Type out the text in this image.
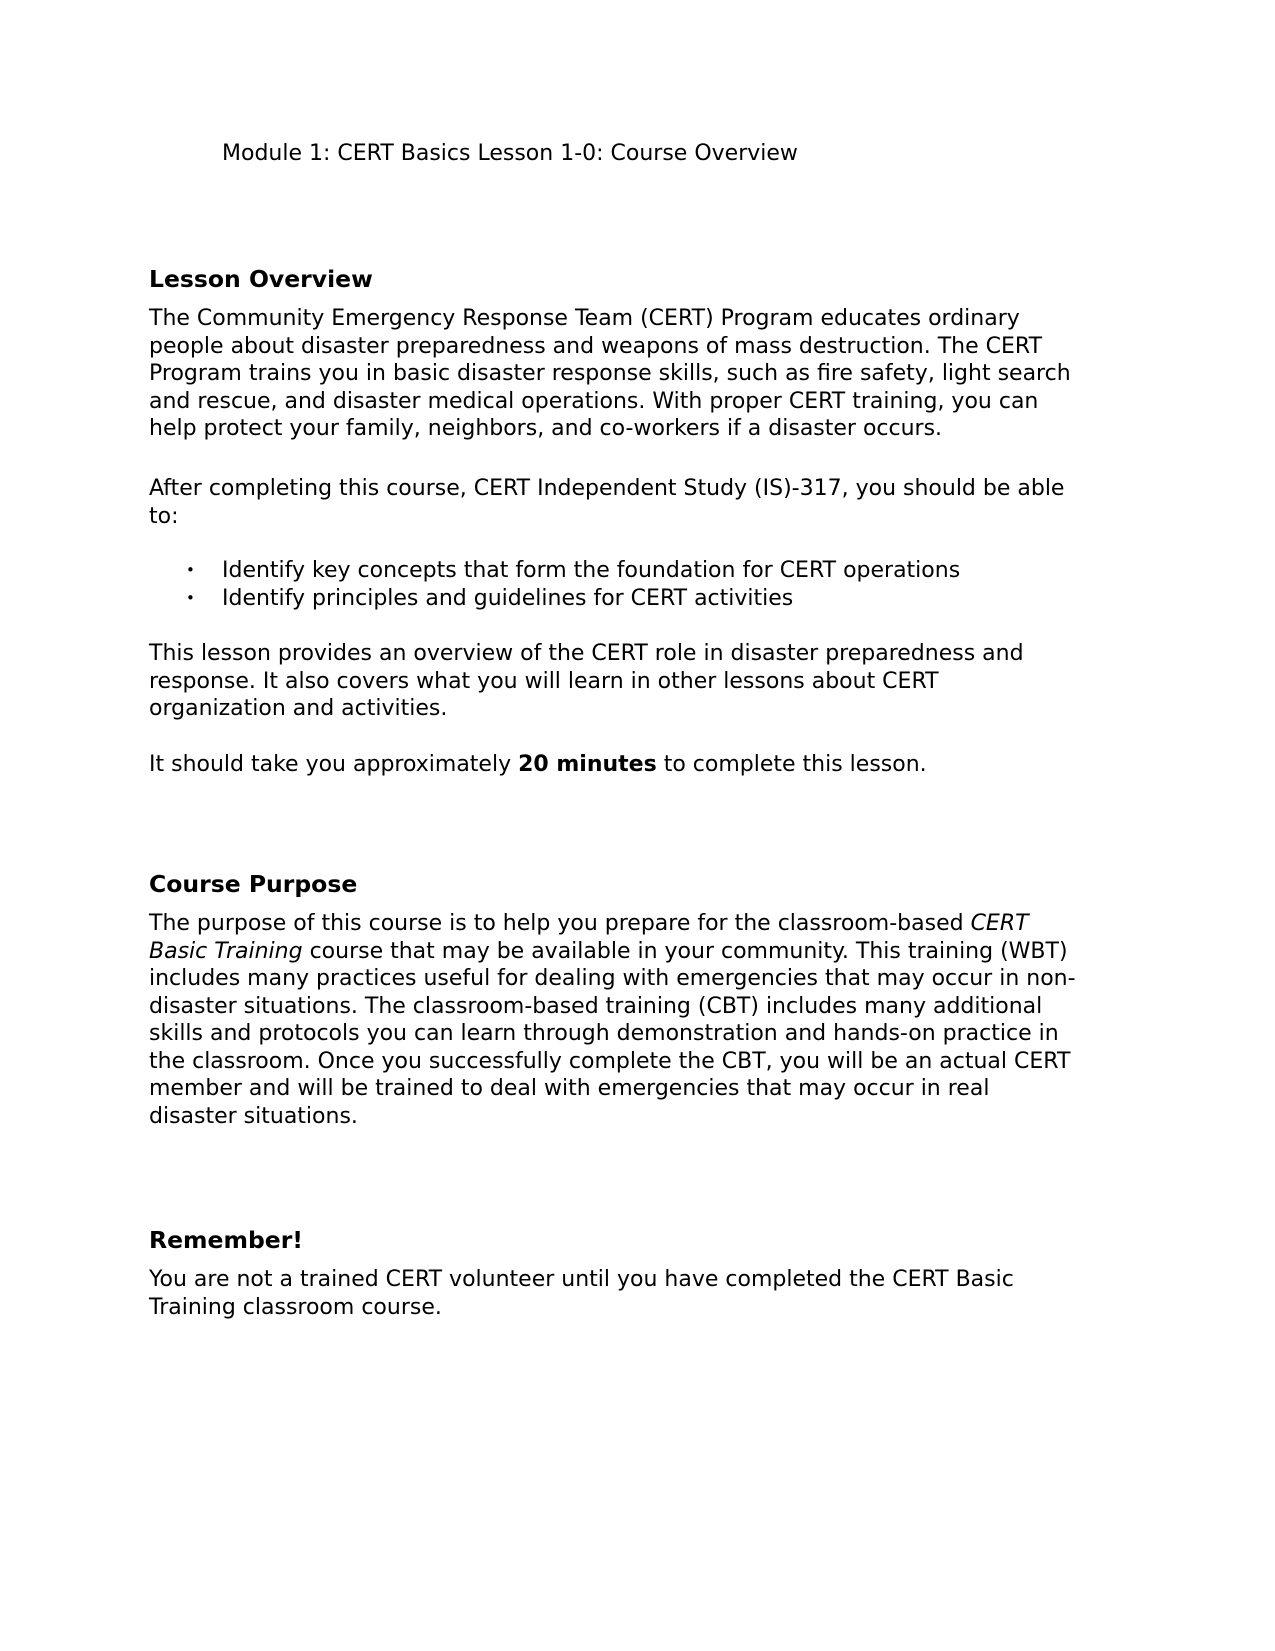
Module 1: CERT Basics Lesson 1-0: Course Overview
Lesson Overview

The Community Emergency Response Team (CERT) Program educates ordinary
people about disaster preparedness and weapons of mass destruction. The CERT
Program trains you in basic disaster response skills, such as fire safety, light search
and rescue, and disaster medical operations. With proper CERT training, you can
help protect your family, neighbors, and co-workers if a disaster occurs.

After completing this course, CERT Independent Study (IS)-317, you should be able
to:

• Identify key concepts that form the foundation for CERT operations
• Identify principles and guidelines for CERT activities

This lesson provides an overview of the CERT role in disaster preparedness and
response. It also covers what you will learn in other lessons about CERT
organization and activities.

It should take you approximately 20 minutes to complete this lesson.

Course Purpose

The purpose of this course is to help you prepare for the classroom-based CERT
Basic Training course that may be available in your community. This training (WBT)
includes many practices useful for dealing with emergencies that may occur in non-
disaster situations. The classroom-based training (CBT) includes many additional
skills and protocols you can learn through demonstration and hands-on practice in
the classroom. Once you successfully complete the CBT, you will be an actual CERT
member and will be trained to deal with emergencies that may occur in real
disaster situations.

Remember!

You are not a trained CERT volunteer until you have completed the CERT Basic
Training classroom course.
